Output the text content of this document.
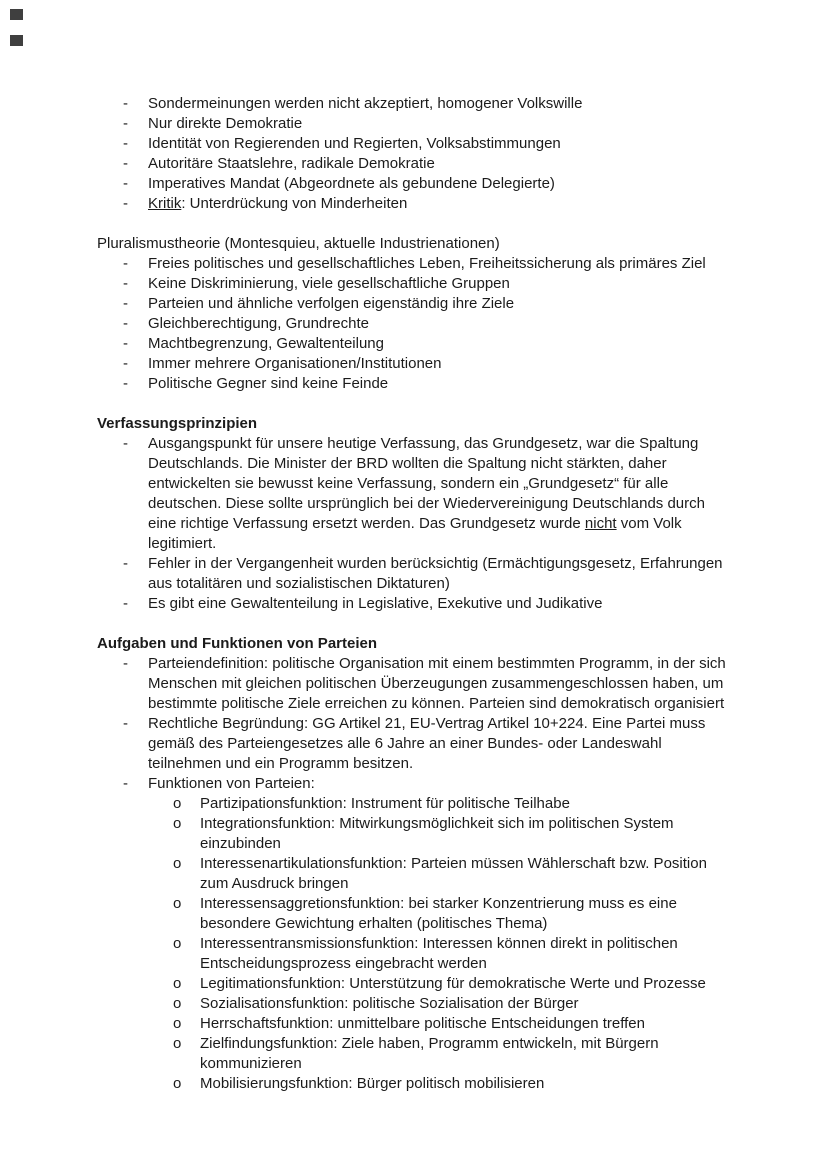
-	Sondermeinungen werden nicht akzeptiert, homogener Volkswille
-	Nur direkte Demokratie
-	Identität von Regierenden und Regierten, Volksabstimmungen
-	Autoritäre Staatslehre, radikale Demokratie
-	Imperatives Mandat (Abgeordnete als gebundene Delegierte)
-	Kritik: Unterdrückung von Minderheiten

Pluralismustheorie (Montesquieu, aktuelle Industrienationen)

-	Freies politisches und gesellschaftliches Leben, Freiheitssicherung als primäres Ziel
-	Keine Diskriminierung, viele gesellschaftliche Gruppen
-	Parteien und ähnliche verfolgen eigenständig ihre Ziele
-	Gleichberechtigung, Grundrechte
-	Machtbegrenzung, Gewaltenteilung
-	Immer mehrere Organisationen/Institutionen
-	Politische Gegner sind keine Feinde

Verfassungsprinzipien

-	Ausgangspunkt für unsere heutige Verfassung, das Grundgesetz, war die Spaltung Deutschlands. Die Minister der BRD wollten die Spaltung nicht stärkten, daher entwickelten sie bewusst keine Verfassung, sondern ein „Grundgesetz“ für alle deutschen. Diese sollte ursprünglich bei der Wiedervereinigung Deutschlands durch eine richtige Verfassung ersetzt werden. Das Grundgesetz wurde nicht vom Volk legitimiert.
-	Fehler in der Vergangenheit wurden berücksichtig (Ermächtigungsgesetz, Erfahrungen aus totalitären und sozialistischen Diktaturen)
-	Es gibt eine Gewaltenteilung in Legislative, Exekutive und Judikative

Aufgaben und Funktionen von Parteien

-	Parteiendefinition: politische Organisation mit einem bestimmten Programm, in der sich Menschen mit gleichen politischen Überzeugungen zusammengeschlossen haben, um bestimmte politische Ziele erreichen zu können. Parteien sind demokratisch organisiert
-	Rechtliche Begründung: GG Artikel 21, EU-Vertrag Artikel 10+224. Eine Partei muss gemäß des Parteiengesetzes alle 6 Jahre an einer Bundes- oder Landeswahl teilnehmen und ein Programm besitzen.
-	Funktionen von Parteien:
o	Partizipationsfunktion: Instrument für politische Teilhabe
o	Integrationsfunktion: Mitwirkungsmöglichkeit sich im politischen System einzubinden
o	Interessenartikulationsfunktion: Parteien müssen Wählerschaft bzw. Position zum Ausdruck bringen
o	Interessensaggretionsfunktion: bei starker Konzentrierung muss es eine besondere Gewichtung erhalten (politisches Thema)
o	Interessentransmissionsfunktion: Interessen können direkt in politischen Entscheidungsprozess eingebracht werden
o	Legitimationsfunktion: Unterstützung für demokratische Werte und Prozesse
o	Sozialisationsfunktion: politische Sozialisation der Bürger
o	Herrschaftsfunktion: unmittelbare politische Entscheidungen treffen
o	Zielfindungsfunktion: Ziele haben, Programm entwickeln, mit Bürgern kommunizieren
o	Mobilisierungsfunktion: Bürger politisch mobilisieren
